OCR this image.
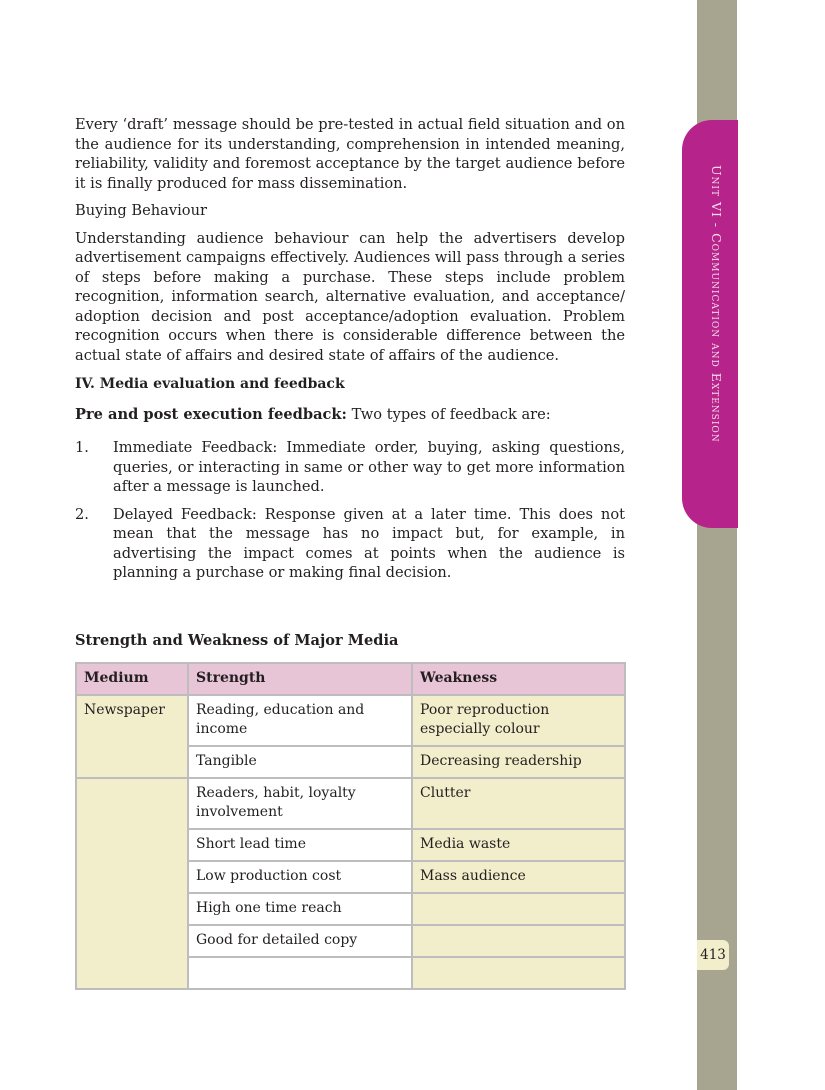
Unit VI - Communication and Extension
413

Every ‘draft’ message should be pre-tested in actual field situation and on the audience for its understanding, comprehension in intended meaning, reliability, validity and foremost acceptance by the target audience before it is finally produced for mass dissemination.

Buying Behaviour

Understanding audience behaviour can help the advertisers develop advertisement campaigns effectively. Audiences will pass through a series of steps before making a purchase. These steps include problem recognition, information search, alternative evaluation, and acceptance/ adoption decision and post acceptance/adoption evaluation. Problem recognition occurs when there is considerable difference between the actual state of affairs and desired state of affairs of the audience.

IV. Media evaluation and feedback

Pre and post execution feedback: Two types of feedback are:

1.	Immediate Feedback: Immediate order, buying, asking questions, queries, or interacting in same or other way to get more information after a message is launched.
2.	Delayed Feedback: Response given at a later time. This does not mean that the message has no impact but, for example, in advertising the impact comes at points when the audience is planning a purchase or making final decision.
Strength and Weakness of Major Media
Medium	Strength	Weakness
Newspaper	Reading, education and income	Poor reproduction especially colour
	Tangible	Decreasing readership
	Readers, habit, loyalty involvement	Clutter
	Short lead time	Media waste
	Low production cost	Mass audience
	High one time reach	
	Good for detailed copy	
